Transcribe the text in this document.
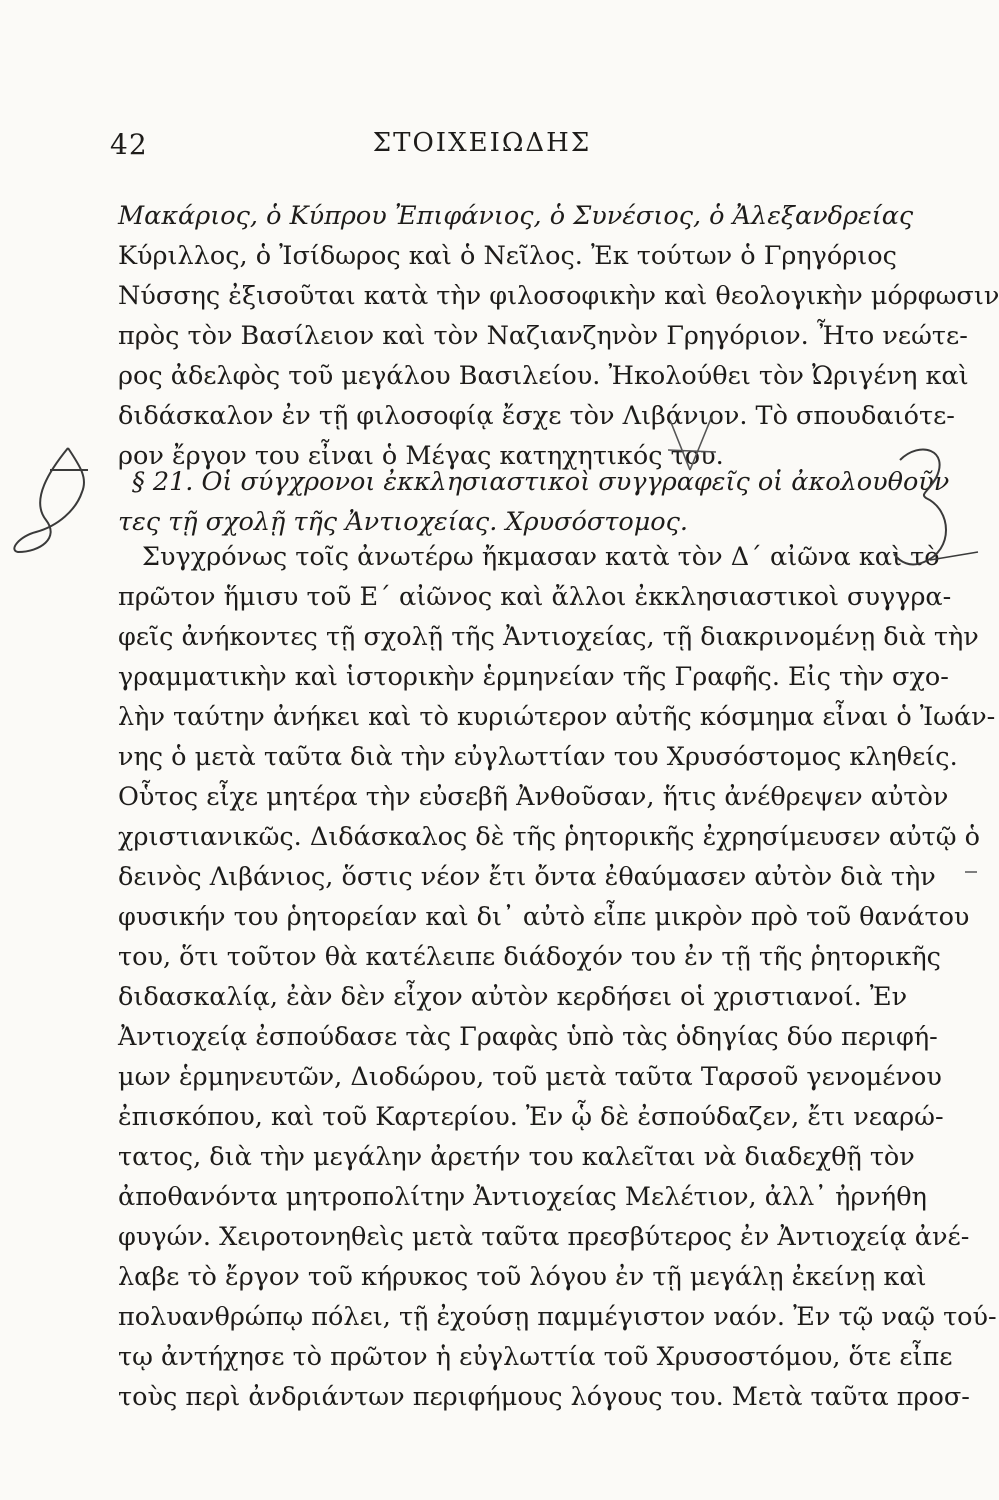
42	ΣΤΟΙΧΕΙΩΔΗΣ
Μακάριος, ὁ Κύπρου Ἐπιφάνιος, ὁ Συνέσιος, ὁ Ἀλεξανδρείας
Κύριλλος, ὁ Ἰσίδωρος καὶ ὁ Νεῖλος. Ἐκ τούτων ὁ Γρηγόριος
Νύσσης ἐξισοῦται κατὰ τὴν φιλοσοφικὴν καὶ θεολογικὴν μόρφωσιν
πρὸς τὸν Βασίλειον καὶ τὸν Ναζιανζηνὸν Γρηγόριον. Ἦτο νεώτε-
ρος ἀδελφὸς τοῦ μεγάλου Βασιλείου. Ἠκολούθει τὸν Ὠριγένη καὶ
διδάσκαλον ἐν τῇ φιλοσοφίᾳ ἔσχε τὸν Λιβάνιον. Τὸ σπουδαιότε-
ρον ἔργον του εἶναι ὁ Μέγας κατηχητικός του.
§ 21. Οἱ σύγχρονοι ἐκκλησιαστικοὶ συγγραφεῖς οἱ ἀκολουθοῦν
τες τῇ σχολῇ τῆς Ἀντιοχείας. Χρυσόστομος.
Συγχρόνως τοῖς ἀνωτέρω ἤκμασαν κατὰ τὸν Δ΄ αἰῶνα καὶ τὸ
πρῶτον ἥμισυ τοῦ Ε΄ αἰῶνος καὶ ἄλλοι ἐκκλησιαστικοὶ συγγρα-
φεῖς ἀνήκοντες τῇ σχολῇ τῆς Ἀντιοχείας, τῇ διακρινομένῃ διὰ τὴν
γραμματικὴν καὶ ἱστορικὴν ἑρμηνείαν τῆς Γραφῆς. Εἰς τὴν σχο-
λὴν ταύτην ἀνήκει καὶ τὸ κυριώτερον αὐτῆς κόσμημα εἶναι ὁ Ἰωάν-
νης ὁ μετὰ ταῦτα διὰ τὴν εὐγλωττίαν του Χρυσόστομος κληθείς.
Οὗτος εἶχε μητέρα τὴν εὐσεβῆ Ἀνθοῦσαν, ἥτις ἀνέθρεψεν αὐτὸν
χριστιανικῶς. Διδάσκαλος δὲ τῆς ῥητορικῆς ἐχρησίμευσεν αὐτῷ ὁ
δεινὸς Λιβάνιος, ὅστις νέον ἔτι ὄντα ἐθαύμασεν αὐτὸν διὰ τὴν
φυσικήν του ῥητορείαν καὶ δι᾿ αὐτὸ εἶπε μικρὸν πρὸ τοῦ θανάτου
του, ὅτι τοῦτον θὰ κατέλειπε διάδοχόν του ἐν τῇ τῆς ῥητορικῆς
διδασκαλίᾳ, ἐὰν δὲν εἶχον αὐτὸν κερδήσει οἱ χριστιανοί. Ἐν
Ἀντιοχείᾳ ἐσπούδασε τὰς Γραφὰς ὑπὸ τὰς ὁδηγίας δύο περιφή-
μων ἑρμηνευτῶν, Διοδώρου, τοῦ μετὰ ταῦτα Ταρσοῦ γενομένου
ἐπισκόπου, καὶ τοῦ Καρτερίου. Ἐν ᾧ δὲ ἐσπούδαζεν, ἔτι νεαρώ-
τατος, διὰ τὴν μεγάλην ἀρετήν του καλεῖται νὰ διαδεχθῇ τὸν
ἀποθανόντα μητροπολίτην Ἀντιοχείας Μελέτιον, ἀλλ᾿ ἠρνήθη
φυγών. Χειροτονηθεὶς μετὰ ταῦτα πρεσβύτερος ἐν Ἀντιοχείᾳ ἀνέ-
λαβε τὸ ἔργον τοῦ κήρυκος τοῦ λόγου ἐν τῇ μεγάλῃ ἐκείνῃ καὶ
πολυανθρώπῳ πόλει, τῇ ἐχούσῃ παμμέγιστον ναόν. Ἐν τῷ ναῷ τού-
τῳ ἀντήχησε τὸ πρῶτον ἡ εὐγλωττία τοῦ Χρυσοστόμου, ὅτε εἶπε
τοὺς περὶ ἀνδριάντων περιφήμους λόγους του. Μετὰ ταῦτα προσ-
